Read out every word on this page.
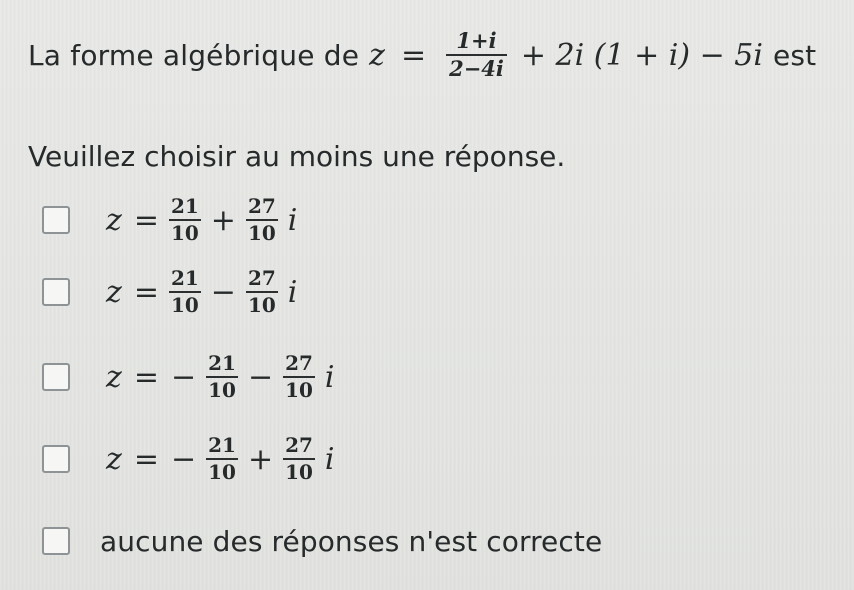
La forme algébrique de $z = \frac{1+i}{2-4i} + 2i$ (1 + i) − 5i est
Veuillez choisir au moins une réponse.
$z = \frac{21}{10} + \frac{27}{10}$ i
$z = \frac{21}{10} - \frac{27}{10}$ i
z = − $\frac{21}{10} - \frac{27}{10}$ i
z = − $\frac{21}{10} + \frac{27}{10}$ i
aucune des réponses n'est correcte
